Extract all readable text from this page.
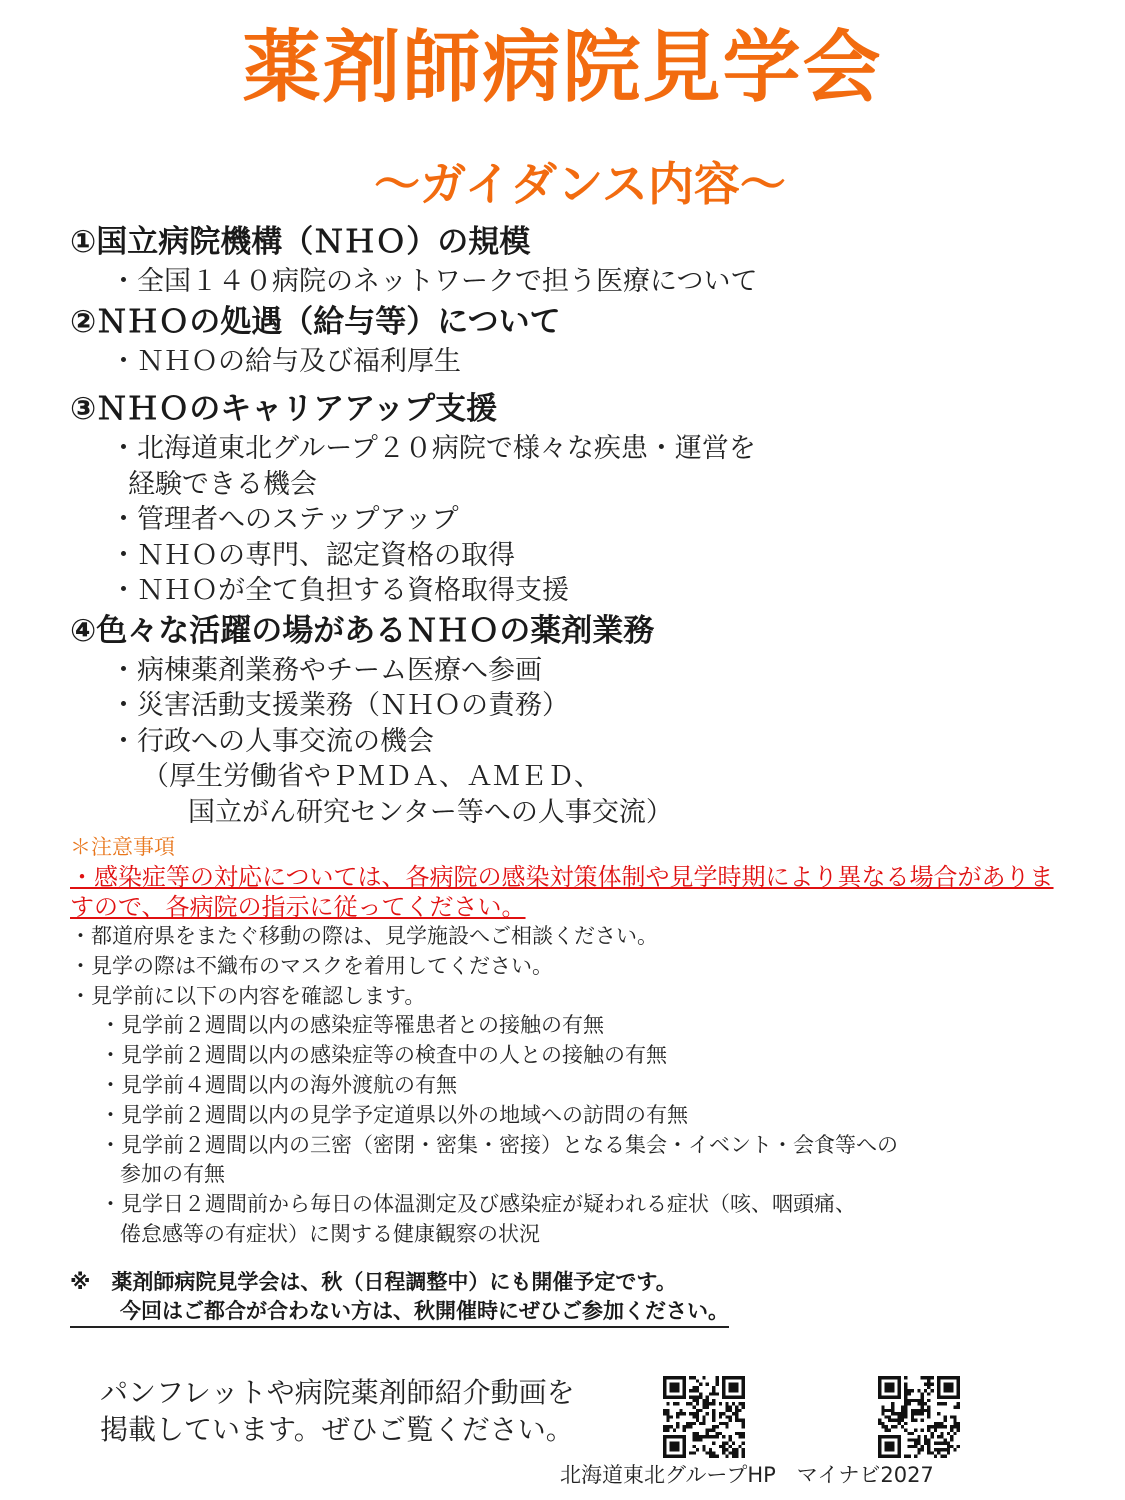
薬剤師病院見学会
～ガイダンス内容～
①国立病院機構（ＮＨＯ）の規模
・全国１４０病院のネットワークで担う医療について
②ＮＨＯの処遇（給与等）について
・ＮＨＯの給与及び福利厚生
③ＮＨＯのキャリアアップ支援
・北海道東北グループ２０病院で様々な疾患・運営を
経験できる機会
・管理者へのステップアップ
・ＮＨＯの専門、認定資格の取得
・ＮＨＯが全て負担する資格取得支援
④色々な活躍の場があるＮＨＯの薬剤業務
・病棟薬剤業務やチーム医療へ参画
・災害活動支援業務（ＮＨＯの責務）
・行政への人事交流の機会
（厚生労働省やＰＭＤＡ、ＡＭＥＤ、
国立がん研究センター等への人事交流）
＊注意事項
・感染症等の対応については、各病院の感染対策体制や見学時期により異なる場合がありますので、各病院の指示に従ってください。
・都道府県をまたぐ移動の際は、見学施設へご相談ください。
・見学の際は不織布のマスクを着用してください。
・見学前に以下の内容を確認します。
・見学前２週間以内の感染症等罹患者との接触の有無
・見学前２週間以内の感染症等の検査中の人との接触の有無
・見学前４週間以内の海外渡航の有無
・見学前２週間以内の見学予定道県以外の地域への訪問の有無
・見学前２週間以内の三密（密閉・密集・密接）となる集会・イベント・会食等への
参加の有無
・見学日２週間前から毎日の体温測定及び感染症が疑われる症状（咳、咽頭痛、
倦怠感等の有症状）に関する健康観察の状況
※　薬剤師病院見学会は、秋（日程調整中）にも開催予定です。
今回はご都合が合わない方は、秋開催時にぜひご参加ください。
パンフレットや病院薬剤師紹介動画を
掲載しています。ぜひご覧ください。
北海道東北グループHP　マイナビ2027
